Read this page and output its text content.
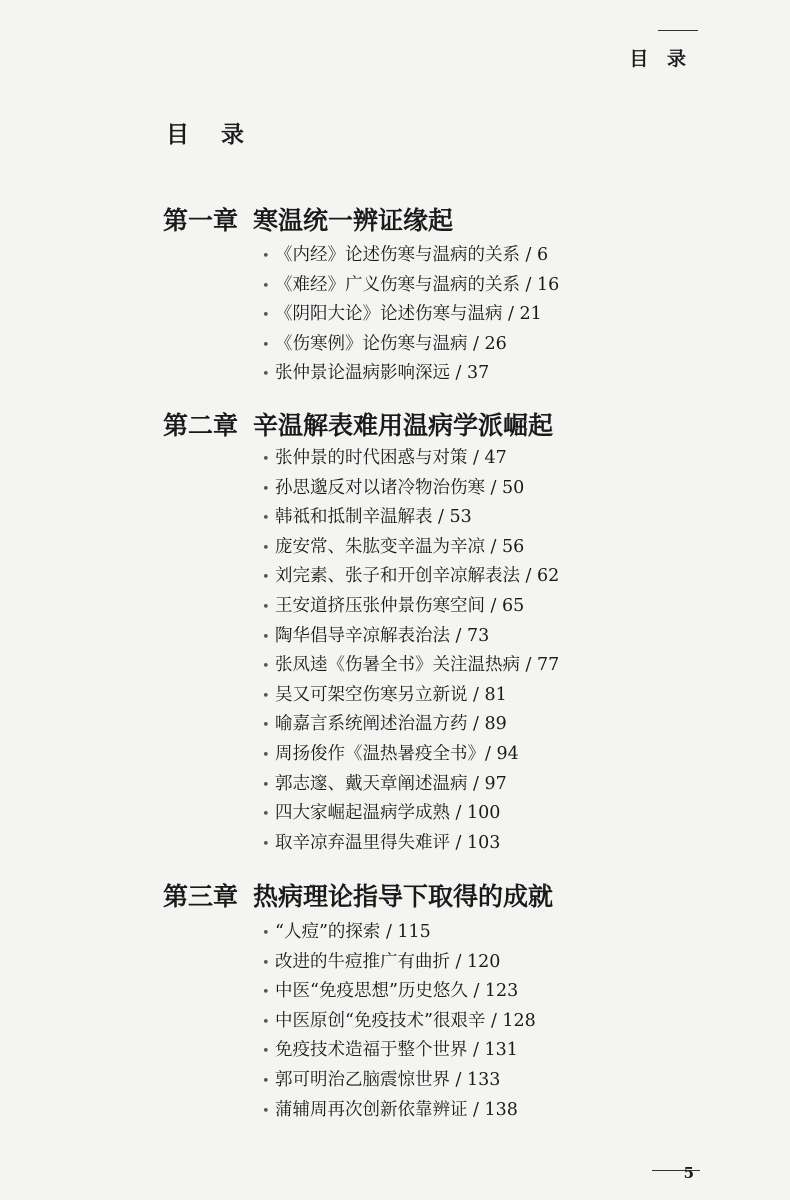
目 录
目 录
第一章 寒温统一辨证缘起
• 《内经》论述伤寒与温病的关系 / 6
• 《难经》广义伤寒与温病的关系 / 16
• 《阴阳大论》论述伤寒与温病 / 21
• 《伤寒例》论伤寒与温病 / 26
• 张仲景论温病影响深远 / 37
第二章 辛温解表难用温病学派崛起
• 张仲景的时代困惑与对策 / 47
• 孙思邈反对以诸冷物治伤寒 / 50
• 韩祗和抵制辛温解表 / 53
• 庞安常、朱肱变辛温为辛凉 / 56
• 刘完素、张子和开创辛凉解表法 / 62
• 王安道挤压张仲景伤寒空间 / 65
• 陶华倡导辛凉解表治法 / 73
• 张凤逵《伤暑全书》关注温热病 / 77
• 吴又可架空伤寒另立新说 / 81
• 喻嘉言系统阐述治温方药 / 89
• 周扬俊作《温热暑疫全书》/ 94
• 郭志邃、戴天章阐述温病 / 97
• 四大家崛起温病学成熟 / 100
• 取辛凉弃温里得失难评 / 103
第三章 热病理论指导下取得的成就
• “人痘”的探索 / 115
• 改进的牛痘推广有曲折 / 120
• 中医“免疫思想”历史悠久 / 123
• 中医原创“免疫技术”很艰辛 / 128
• 免疫技术造福于整个世界 / 131
• 郭可明治乙脑震惊世界 / 133
• 蒲辅周再次创新依靠辨证 / 138
5
